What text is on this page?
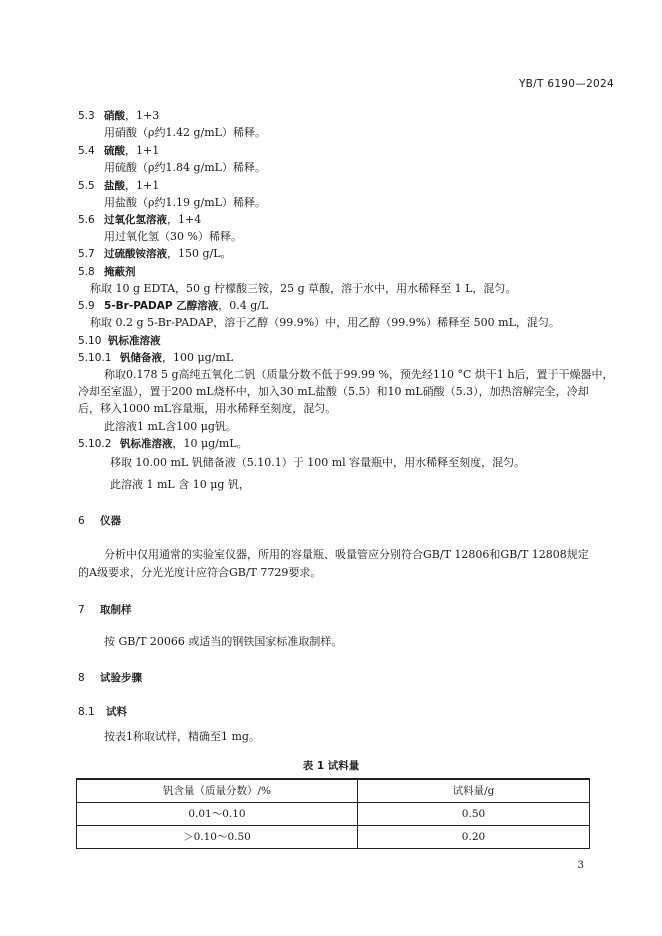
YB/T 6190—2024
5.3 硝酸，1+3
用硝酸（ρ约1.42 g/mL）稀释。
5.4 硫酸，1+1
用硫酸（ρ约1.84 g/mL）稀释。
5.5 盐酸，1+1
用盐酸（ρ约1.19 g/mL）稀释。
5.6 过氧化氢溶液，1+4
用过氧化氢（30 %）稀释。
5.7 过硫酸铵溶液，150 g/L。
5.8 掩蔽剂
称取 10 g EDTA，50 g 柠檬酸三铵，25 g 草酸，溶于水中，用水稀释至 1 L，混匀。
5.9 5-Br-PADAP 乙醇溶液，0.4 g/L
称取 0.2 g 5-Br-PADAP，溶于乙醇（99.9%）中，用乙醇（99.9%）稀释至 500 mL，混匀。
5.10 钒标准溶液
5.10.1 钒储备液，100 μg/mL
称取0.178 5 g高纯五氧化二钒（质量分数不低于99.99 %，预先经110 °C 烘干1 h后，置于干燥器中，
冷却至室温），置于200 mL烧杯中，加入30 mL盐酸（5.5）和10 mL硝酸（5.3），加热溶解完全，冷却
后，移入1000 mL容量瓶，用水稀释至刻度，混匀。
此溶液1 mL含100 μg钒。
5.10.2 钒标准溶液，10 μg/mL。
移取 10.00 mL 钒储备液（5.10.1）于 100 ml 容量瓶中，用水稀释至刻度，混匀。
此溶液 1 mL 含 10 μg 钒，
6 仪器
分析中仅用通常的实验室仪器，所用的容量瓶、吸量管应分别符合GB/T 12806和GB/T 12808规定
的A级要求，分光光度计应符合GB/T 7729要求。
7 取制样
按 GB/T 20066 或适当的钢铁国家标准取制样。
8 试验步骤
8.1 试料
按表1称取试样，精确至1 mg。
表 1 试料量
钒含量（质量分数）/%	试料量/g
0.01～0.10	0.50
＞0.10～0.50	0.20
3
